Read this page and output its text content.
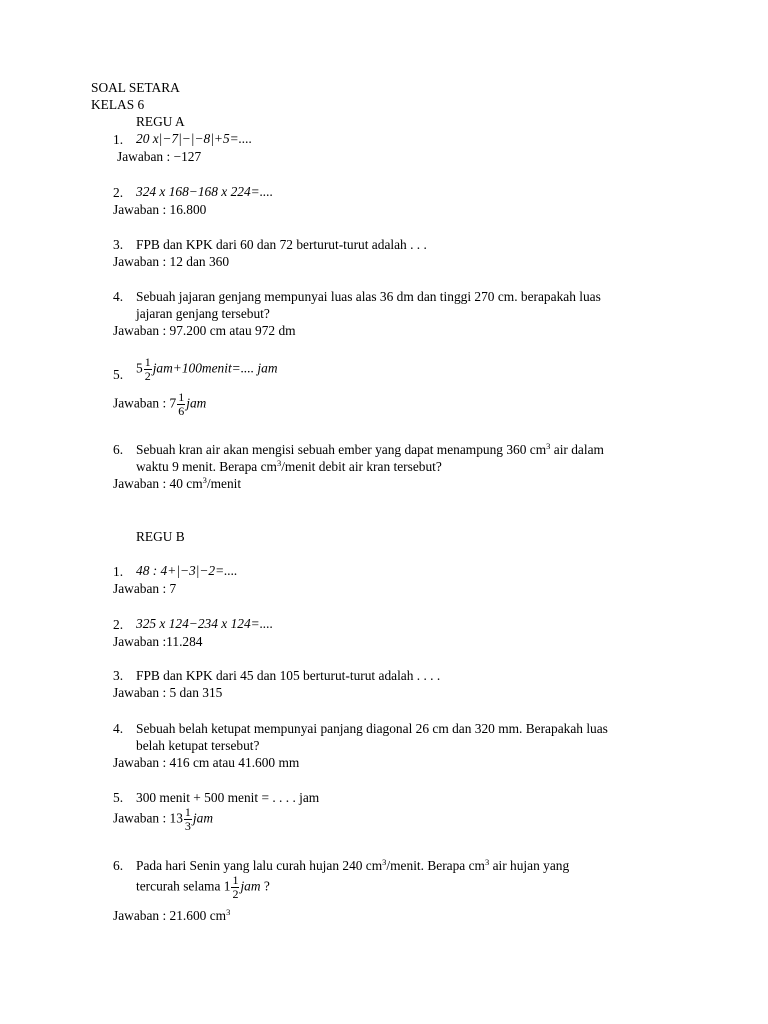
SOAL SETARA
KELAS 6
REGU A
1. 20 x|−7|−|−8|+5=....
Jawaban : −127
2. 324 x 168−168 x 224=....
Jawaban : 16.800
3. FPB dan KPK dari 60 dan 72 berturut-turut adalah . . .
Jawaban : 12 dan 360
4. Sebuah jajaran genjang mempunyai luas alas 36 dm dan tinggi 270 cm. berapakah luas
jajaran genjang tersebut?
Jawaban : 97.200 cm atau 972 dm
5. $5 \frac{1}{2}$ jam+100menit=.... jam
Jawaban : $7 \frac{1}{6}$ jam
6. Sebuah kran air akan mengisi sebuah ember yang dapat menampung 360 $cm^3$ air dalam
waktu 9 menit. Berapa $cm^3$/menit debit air kran tersebut?
Jawaban : 40 $cm^3$/menit
REGU B
1. 48 : 4+|−3|−2=....
Jawaban : 7
2. 325 x 124−234 x 124=....
Jawaban :11.284
3. FPB dan KPK dari 45 dan 105 berturut-turut adalah . . . .
Jawaban : 5 dan 315
4. Sebuah belah ketupat mempunyai panjang diagonal 26 cm dan 320 mm. Berapakah luas
belah ketupat tersebut?
Jawaban : 416 cm atau 41.600 mm
5. 300 menit + 500 menit = . . . . jam
Jawaban : $13 \frac{1}{3}$ jam
6. Pada hari Senin yang lalu curah hujan 240 $cm^3$/menit. Berapa $cm^3$ air hujan yang
tercurah selama $1 \frac{1}{2}$ jam ?
Jawaban : 21.600 $cm^3$
